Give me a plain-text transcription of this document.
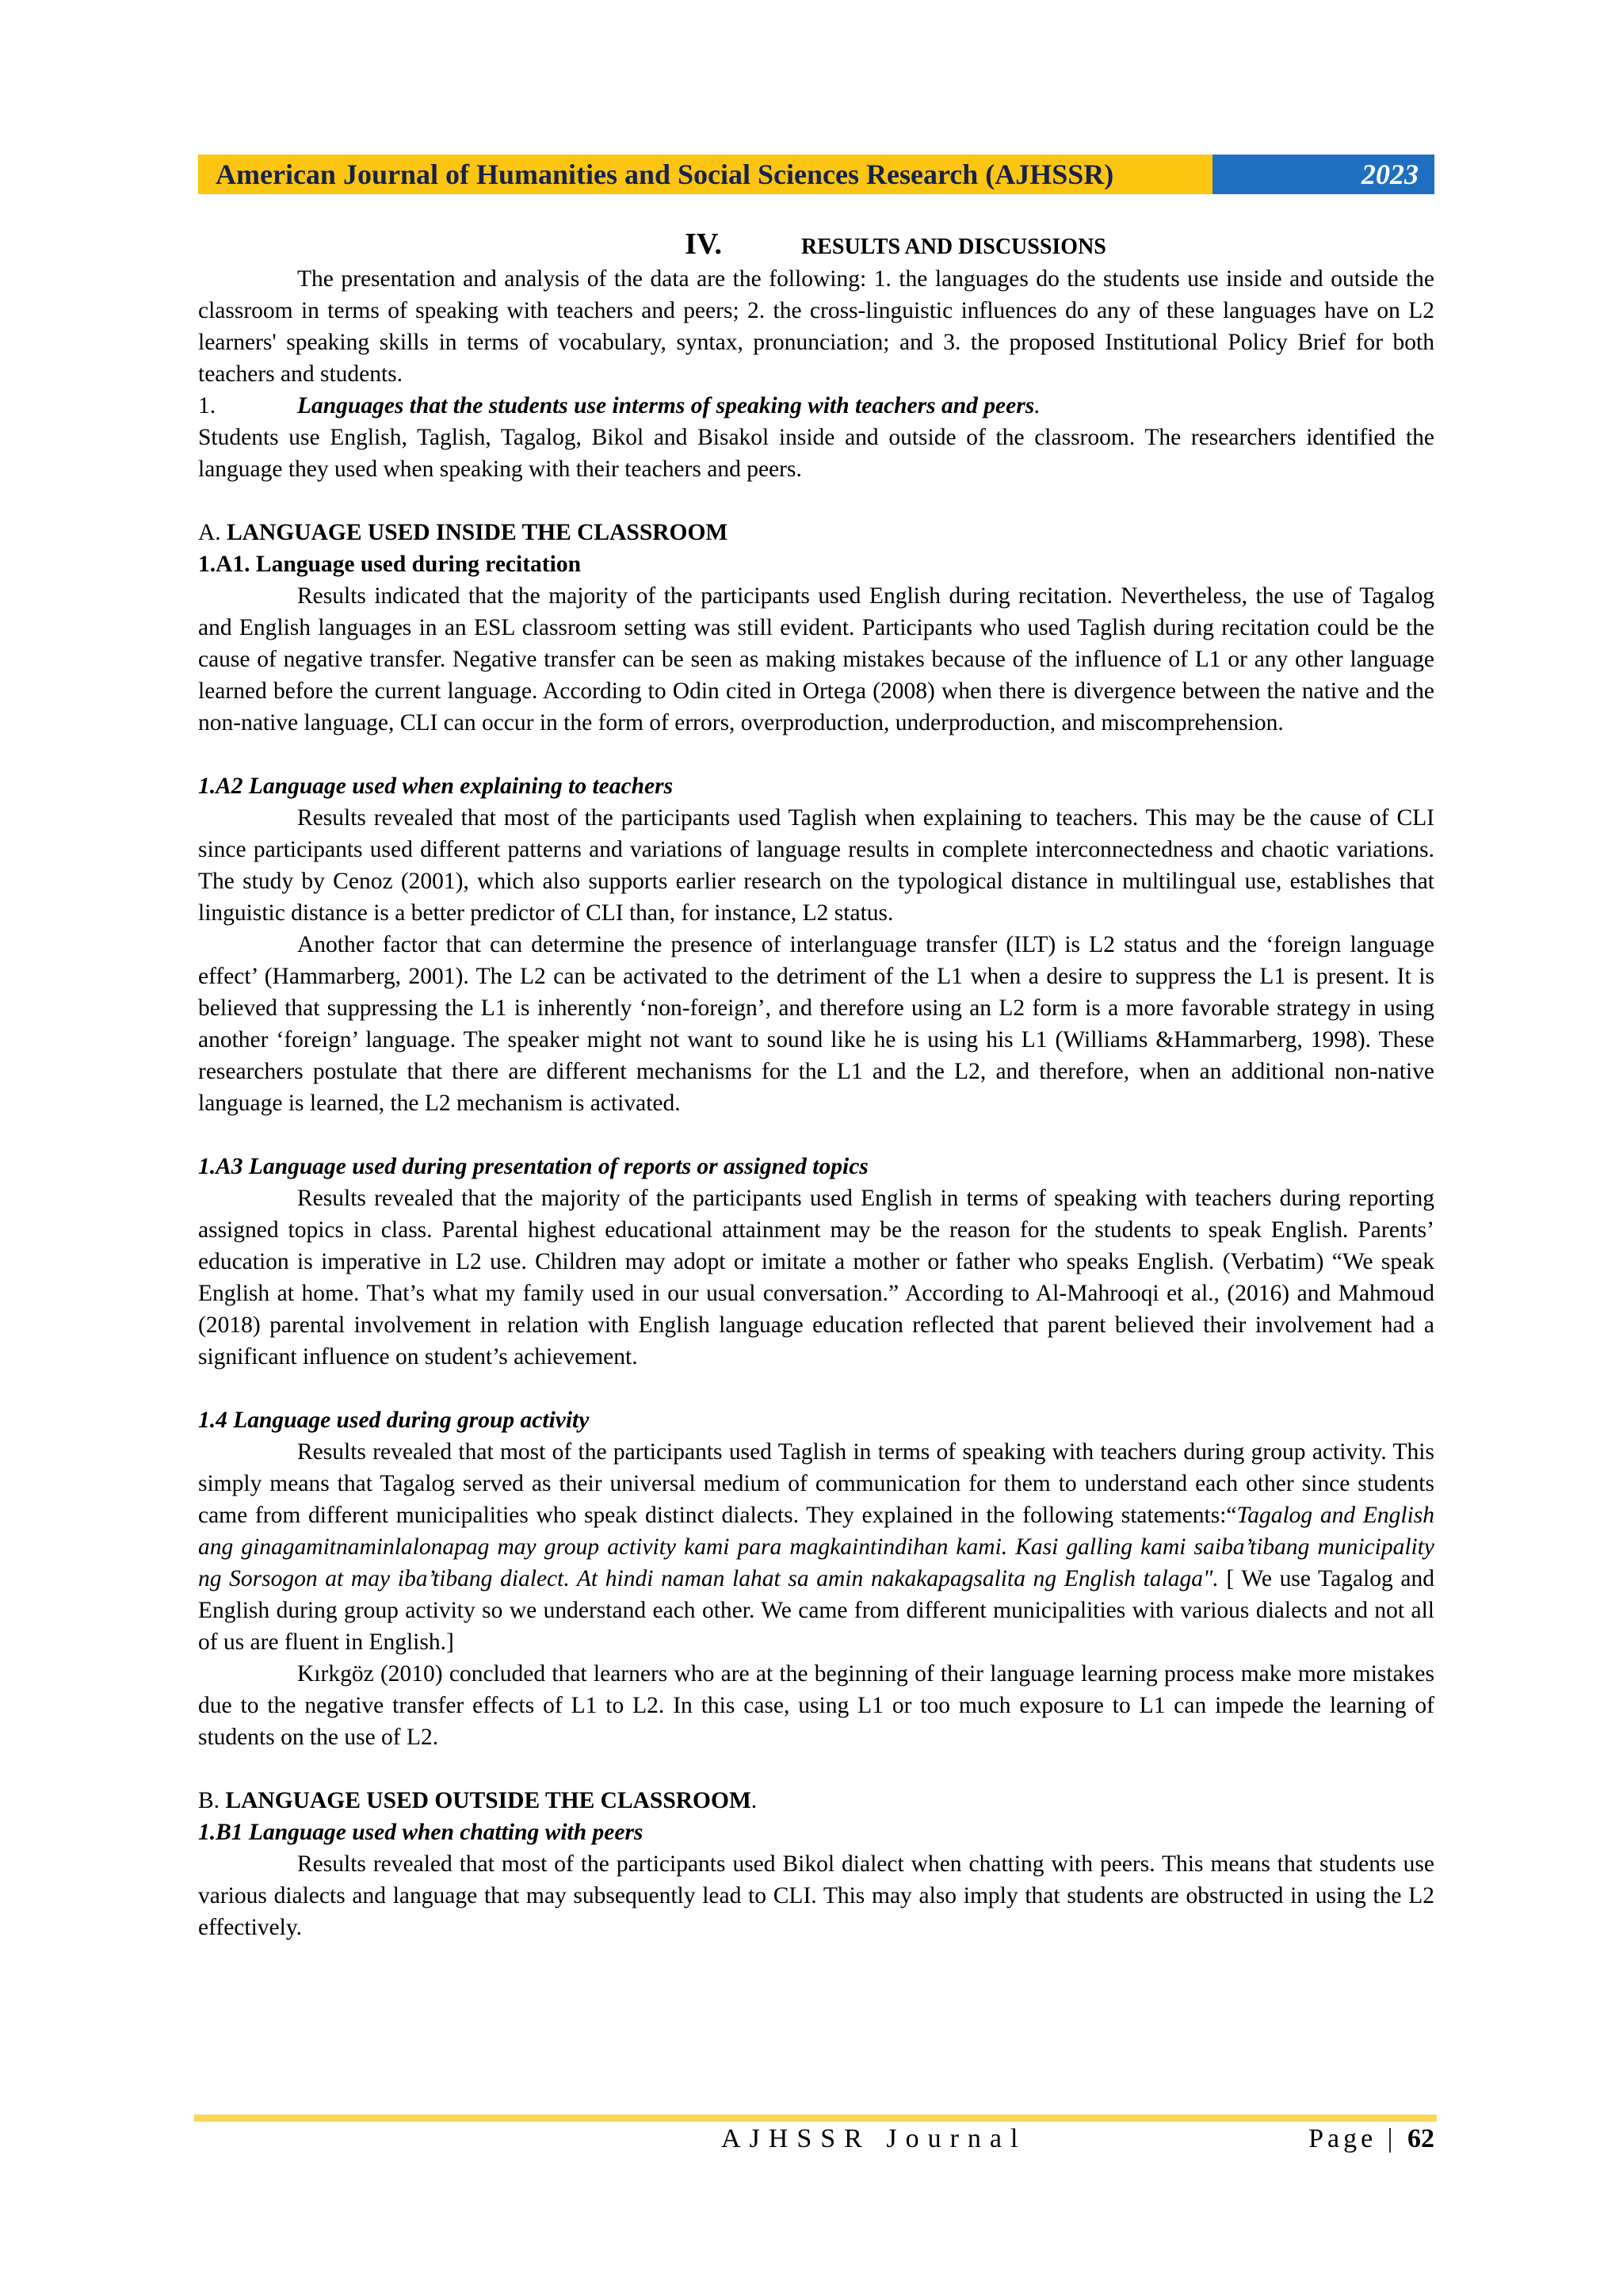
American Journal of Humanities and Social Sciences Research (AJHSSR)	2023

IV.	RESULTS AND DISCUSSIONS

The presentation and analysis of the data are the following: 1. the languages do the students use inside and outside the classroom in terms of speaking with teachers and peers; 2. the cross-linguistic influences do any of these languages have on L2 learners' speaking skills in terms of vocabulary, syntax, pronunciation; and 3. the proposed Institutional Policy Brief for both teachers and students.

1.	Languages that the students use interms of speaking with teachers and peers.

Students use English, Taglish, Tagalog, Bikol and Bisakol inside and outside of the classroom. The researchers identified the language they used when speaking with their teachers and peers.

A. LANGUAGE USED INSIDE THE CLASSROOM

1.A1. Language used during recitation

Results indicated that the majority of the participants used English during recitation. Nevertheless, the use of Tagalog and English languages in an ESL classroom setting was still evident. Participants who used Taglish during recitation could be the cause of negative transfer. Negative transfer can be seen as making mistakes because of the influence of L1 or any other language learned before the current language. According to Odin cited in Ortega (2008) when there is divergence between the native and the non-native language, CLI can occur in the form of errors, overproduction, underproduction, and miscomprehension.

1.A2 Language used when explaining to teachers

Results revealed that most of the participants used Taglish when explaining to teachers. This may be the cause of CLI since participants used different patterns and variations of language results in complete interconnectedness and chaotic variations. The study by Cenoz (2001), which also supports earlier research on the typological distance in multilingual use, establishes that linguistic distance is a better predictor of CLI than, for instance, L2 status.

Another factor that can determine the presence of interlanguage transfer (ILT) is L2 status and the ‘foreign language effect’ (Hammarberg, 2001). The L2 can be activated to the detriment of the L1 when a desire to suppress the L1 is present. It is believed that suppressing the L1 is inherently ‘non-foreign’, and therefore using an L2 form is a more favorable strategy in using another ‘foreign’ language. The speaker might not want to sound like he is using his L1 (Williams &Hammarberg, 1998). These researchers postulate that there are different mechanisms for the L1 and the L2, and therefore, when an additional non-native language is learned, the L2 mechanism is activated.

1.A3 Language used during presentation of reports or assigned topics

Results revealed that the majority of the participants used English in terms of speaking with teachers during reporting assigned topics in class. Parental highest educational attainment may be the reason for the students to speak English. Parents’ education is imperative in L2 use. Children may adopt or imitate a mother or father who speaks English. (Verbatim) “We speak English at home. That’s what my family used in our usual conversation.” According to Al-Mahrooqi et al., (2016) and Mahmoud (2018) parental involvement in relation with English language education reflected that parent believed their involvement had a significant influence on student’s achievement.

1.4 Language used during group activity

Results revealed that most of the participants used Taglish in terms of speaking with teachers during group activity. This simply means that Tagalog served as their universal medium of communication for them to understand each other since students came from different municipalities who speak distinct dialects. They explained in the following statements:“Tagalog and English ang ginagamitnaminlalonapag may group activity kami para magkaintindihan kami. Kasi galling kami saiba’tibang municipality ng Sorsogon at may iba’tibang dialect. At hindi naman lahat sa amin nakakapagsalita ng English talaga". [ We use Tagalog and English during group activity so we understand each other. We came from different municipalities with various dialects and not all of us are fluent in English.]

Kırkgöz (2010) concluded that learners who are at the beginning of their language learning process make more mistakes due to the negative transfer effects of L1 to L2. In this case, using L1 or too much exposure to L1 can impede the learning of students on the use of L2.

B. LANGUAGE USED OUTSIDE THE CLASSROOM.

1.B1 Language used when chatting with peers

Results revealed that most of the participants used Bikol dialect when chatting with peers. This means that students use various dialects and language that may subsequently lead to CLI. This may also imply that students are obstructed in using the L2 effectively.

AJHSSR Journal	Page | 62
